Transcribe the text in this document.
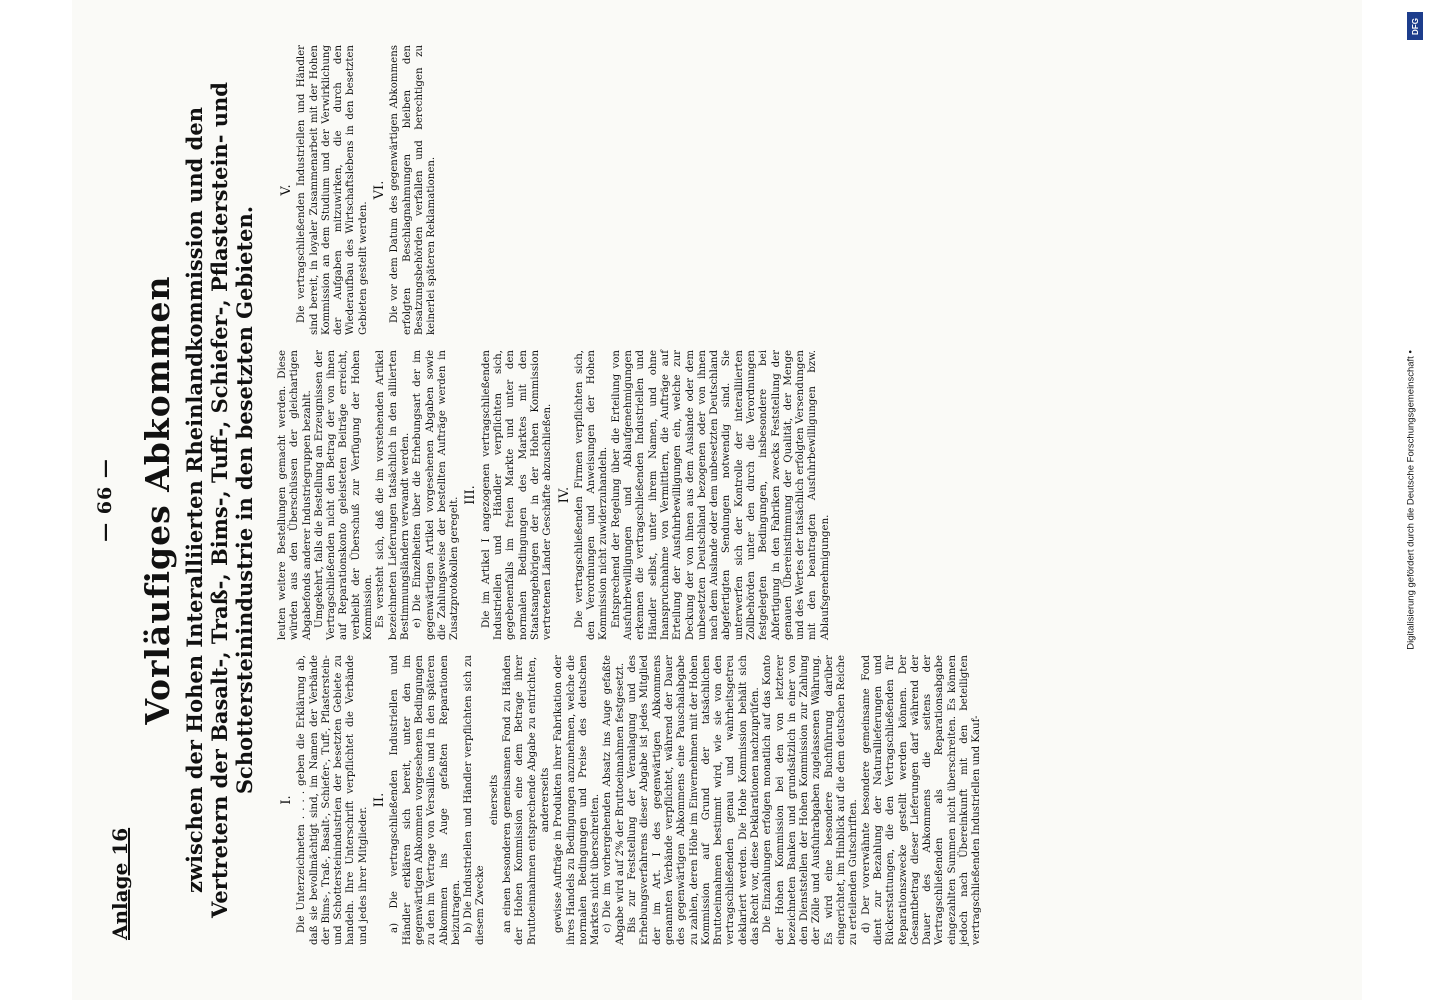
— 66 —
Anlage 16
Vorläufiges Abkommen zwischen der Hohen Interalliierten Rheinlandkommission und den Vertretern der Basalt-, Traß-, Bims-, Tuff-, Schiefer-, Pflasterstein- und Schottersteinindustrie in den besetzten Gebieten.
I. Die Unterzeichneten . . . . geben die Erklärung ab, daß sie bevollmächtigt sind, im Namen der Verbände der Bims-, Traß-, Basalt-, Schiefer-, Tuff-, Pflasterstein- und Schottersteinindustrien der besetzten Gebiete zu handeln. Ihre Unterschrift verpflichtet die Verbände und jedes ihrer Mitglieder.

II. a) Die vertragschließenden Industriellen und Händler erklären sich bereit, unter den im gegenwärtigen Abkommen vorgesehenen Bedingungen zu den im Vertrage von Versailles und in den späteren Abkommen ins Auge gefaßten Reparationen beizutragen. b) Die Industriellen und Händler verpflichten sich zu diesem Zwecke

einerseits an einen besonderen gemeinsamen Fond zu Händen der Hohen Kommission eine dem Betrage ihrer Bruttoeinnahmen entsprechende Abgabe zu entrichten, andererseits gewisse Aufträge in Produkten ihrer Fabrikation oder ihres Handels zu Bedingungen anzunehmen, welche die normalen Bedingungen und Preise des deutschen Marktes nicht überschreiten. c) Die im vorhergehenden Absatz ins Auge gefaßte Abgabe wird auf 2% der Bruttoeinnahmen festgesetzt. Bis zur Feststellung der Veranlagung und des Erhebungsverfahrens dieser Abgabe ist jedes Mitglied der im Art. I des gegenwärtigen Abkommens genannten Verbände verpflichtet, während der Dauer des gegenwärtigen Abkommens eine Pauschalabgabe zu zahlen, deren Höhe im Einvernehmen mit der Hohen Kommission auf Grund der tatsächlichen Bruttoeinnahmen bestimmt wird, wie sie von den vertragschließenden genau und wahrheitsgetreu deklariert werden. Die Hohe Kommission behält sich das Recht vor, diese Deklarationen nachzuprüfen. Die Einzahlungen erfolgen monatlich auf das Konto der Hohen Kommission bei den von letzterer bezeichneten Banken und grundsätzlich in einer von den Dienststellen der Hohen Kommission zur Zahlung der Zölle und Ausfuhrabgaben zugelassenen Währung. Es wird eine besondere Buchführung darüber eingerichtet, im Hinblick auf die dem deutschen Reiche zu erteilenden Gutschriften. d) Der vorerwähnte besondere gemeinsame Fond dient zur Bezahlung der Naturallieferungen und Rückerstattungen, die den Vertragschließenden für Reparationszwecke gestellt werden können. Der Gesamtbetrag dieser Lieferungen darf während der Dauer des Abkommens die seitens der Vertragschließenden als Reparationsabgabe eingezahlten Summen nicht überschreiten. Es können jedoch nach Übereinkunft mit den beteiligten vertragschließenden Industriellen und Kauf-

leuten weitere Bestellungen gemacht werden. Diese würden aus den Überschüssen der gleichartigen Abgabefonds anderer Industriegruppen bezahlt. Umgekehrt, falls die Bestellung an Erzeugnissen der Vertragschließenden nicht den Betrag der von ihnen auf Reparationskonto geleisteten Beiträge erreicht, verbleibt der Überschuß zur Verfügung der Hohen Kommission. Es versteht sich, daß die im vorstehenden Artikel bezeichneten Lieferungen tatsächlich in den alliierten Bestimmungsländern verwandt werden. e) Die Einzelheiten über die Erhebungsart der im gegenwärtigen Artikel vorgesehenen Abgaben sowie die Zahlungsweise der bestellten Aufträge werden in Zusatzprotokollen geregelt.

III. Die im Artikel I angezogenen vertragschließenden Industriellen und Händler verpflichten sich, gegebenenfalls im freien Markte und unter den normalen Bedingungen des Marktes mit den Staatsangehörigen der in der Hohen Kommission vertretenen Länder Geschäfte abzuschließen. IV. Die vertragschließenden Firmen verpflichten sich, den Verordnungen und Anweisungen der Hohen Kommission nicht zuwiderzuhandeln. Entsprechend der Regelung über die Erteilung von Ausfuhrbewilligungen und Ablaufgenehmigungen erkennen die vertragschließenden Industriellen und Händler selbst, unter ihrem Namen, und ohne Inanspruchnahme von Vermittlern, die Aufträge auf Erteilung der Ausfuhrbewilligungen ein, welche zur Deckung der von ihnen aus dem Auslande oder dem unbesetzten Deutschland bezogenen oder von ihnen nach dem Auslande oder dem unbesetzten Deutschland abgefertigten Sendungen notwendig sind. Sie unterwerfen sich der Kontrolle der interalliierten Zollbehörden unter den durch die Verordnungen festgelegten Bedingungen, insbesondere bei Abfertigung in den Fabriken zwecks Feststellung der genauen Übereinstimmung der Qualität, der Menge und des Wertes der tatsächlich erfolgten Versendungen mit den beantragten Ausfuhrbewilligungen bzw. Ablaufsgenehmigungen.

V. Die vertragschließenden Industriellen und Händler sind bereit, in loyaler Zusammenarbeit mit der Hohen Kommission an dem Studium und der Verwirklichung der Aufgaben mitzuwirken, die durch den Wiederaufbau des Wirtschaftslebens in den besetzten Gebieten gestellt werden.

VI. Die vor dem Datum des gegenwärtigen Abkommens erfolgten Beschlagnahmungen bleiben den Besatzungsbehörden verfallen und berechtigen zu keinerlei späteren Reklamationen.

Digitalisierung gefördert durch die Deutsche Forschungsgemeinschaft •
DFG
